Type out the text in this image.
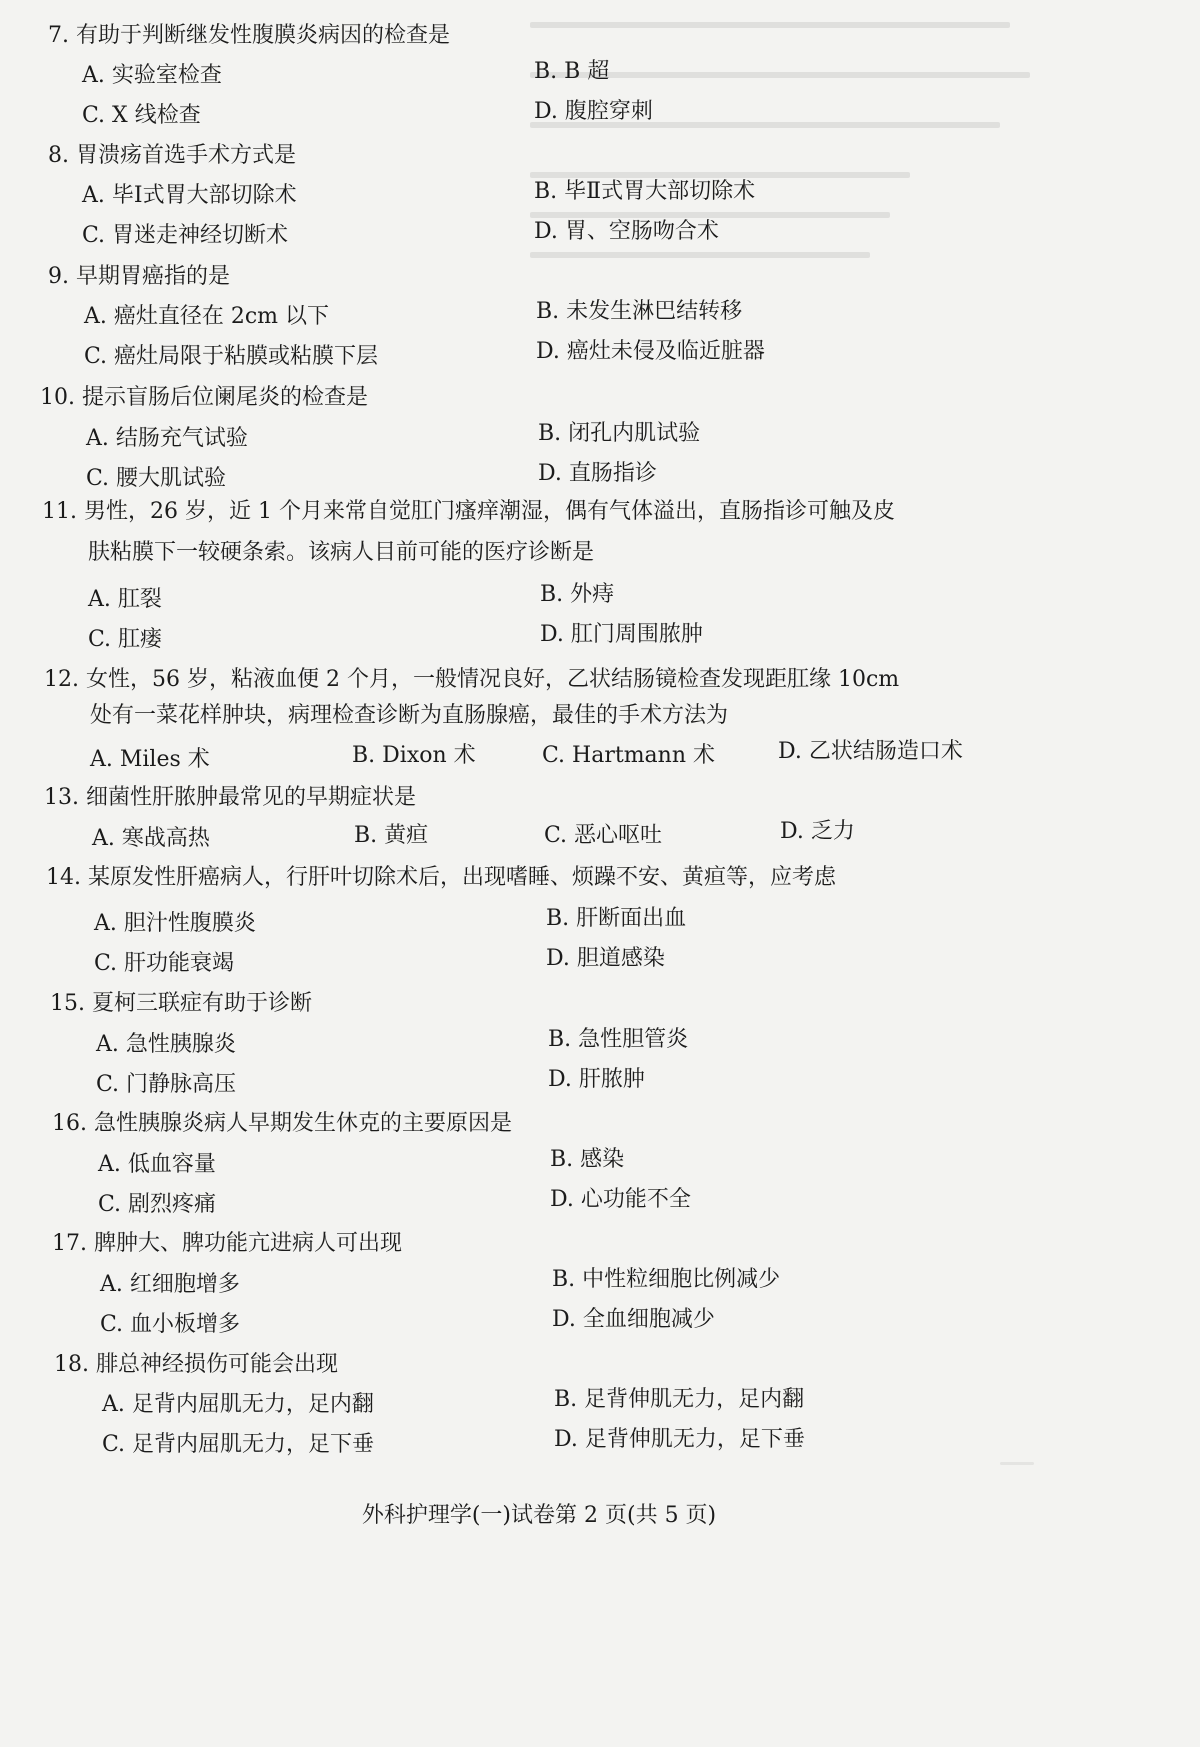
7. 有助于判断继发性腹膜炎病因的检查是
A. 实验室检查	B. B 超
C. X 线检查	D. 腹腔穿刺
8. 胃溃疡首选手术方式是
A. 毕Ⅰ式胃大部切除术	B. 毕Ⅱ式胃大部切除术
C. 胃迷走神经切断术	D. 胃、空肠吻合术
9. 早期胃癌指的是
A. 癌灶直径在 2cm 以下	B. 未发生淋巴结转移
C. 癌灶局限于粘膜或粘膜下层	D. 癌灶未侵及临近脏器
10. 提示盲肠后位阑尾炎的检查是
A. 结肠充气试验	B. 闭孔内肌试验
C. 腰大肌试验	D. 直肠指诊
11. 男性，26 岁，近 1 个月来常自觉肛门瘙痒潮湿，偶有气体溢出，直肠指诊可触及皮
肤粘膜下一较硬条索。该病人目前可能的医疗诊断是
A. 肛裂	B. 外痔
C. 肛瘘	D. 肛门周围脓肿
12. 女性，56 岁，粘液血便 2 个月，一般情况良好，乙状结肠镜检查发现距肛缘 10cm
处有一菜花样肿块，病理检查诊断为直肠腺癌，最佳的手术方法为
A. Miles 术	B. Dixon 术	C. Hartmann 术	D. 乙状结肠造口术
13. 细菌性肝脓肿最常见的早期症状是
A. 寒战高热	B. 黄疸	C. 恶心呕吐	D. 乏力
14. 某原发性肝癌病人，行肝叶切除术后，出现嗜睡、烦躁不安、黄疸等，应考虑
A. 胆汁性腹膜炎	B. 肝断面出血
C. 肝功能衰竭	D. 胆道感染
15. 夏柯三联症有助于诊断
A. 急性胰腺炎	B. 急性胆管炎
C. 门静脉高压	D. 肝脓肿
16. 急性胰腺炎病人早期发生休克的主要原因是
A. 低血容量	B. 感染
C. 剧烈疼痛	D. 心功能不全
17. 脾肿大、脾功能亢进病人可出现
A. 红细胞增多	B. 中性粒细胞比例减少
C. 血小板增多	D. 全血细胞减少
18. 腓总神经损伤可能会出现
A. 足背内屈肌无力，足内翻	B. 足背伸肌无力，足内翻
C. 足背内屈肌无力，足下垂	D. 足背伸肌无力，足下垂
外科护理学(一)试卷第 2 页(共 5 页)
